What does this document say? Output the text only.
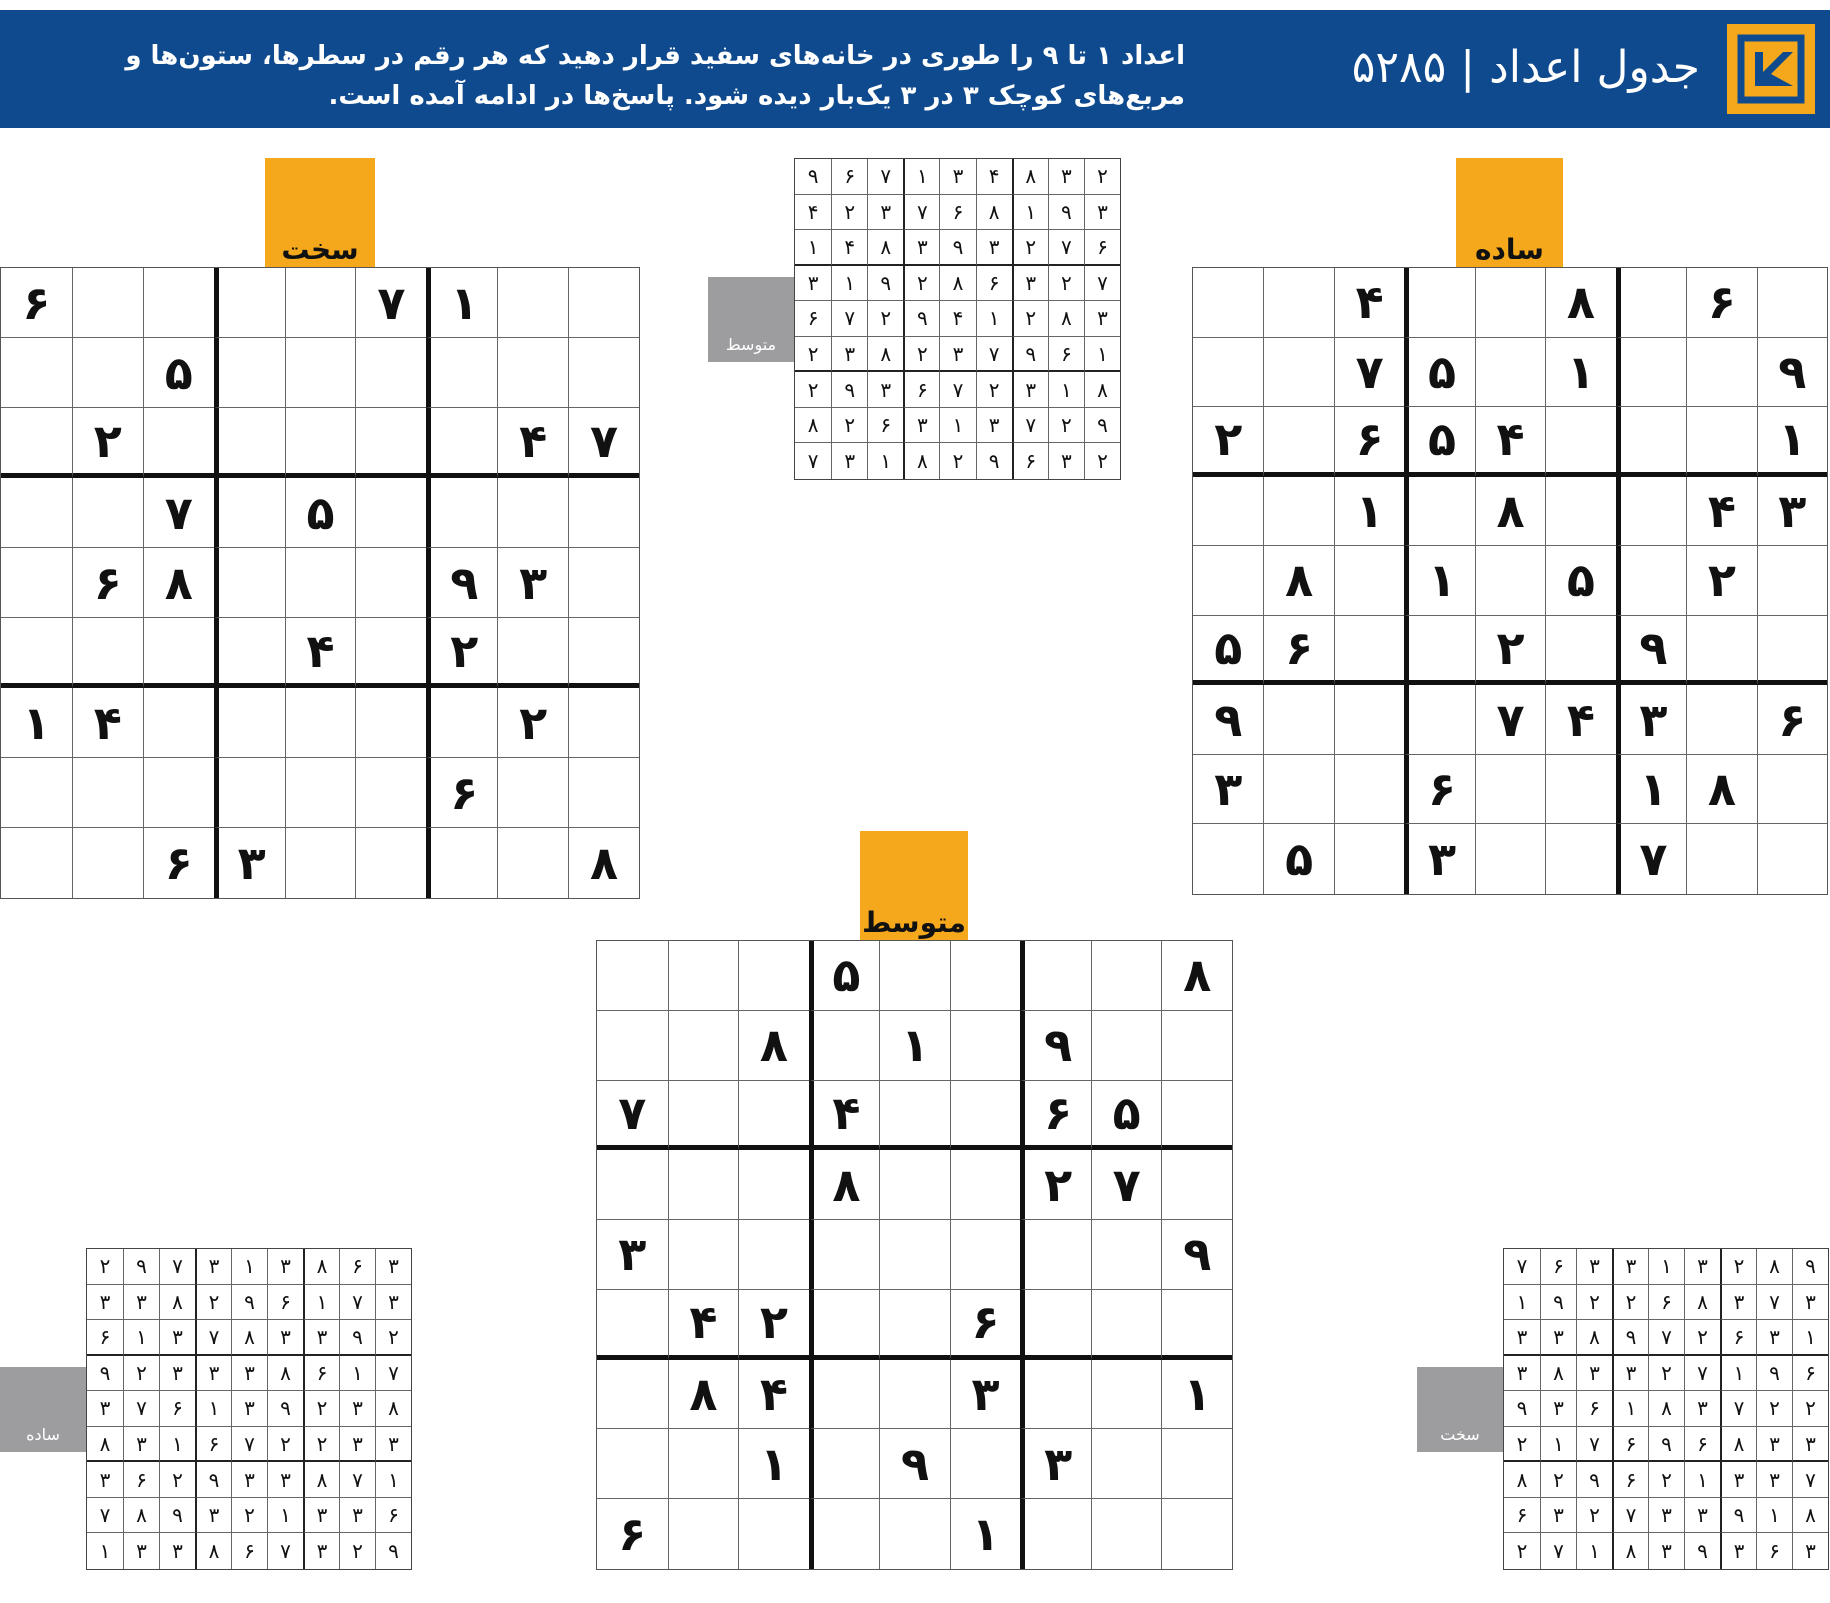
جدول اعداد | ۵۲۸۵
اعداد ۱ تا ۹ را طوری در خانه‌های سفید قرار دهید که هر رقم در سطرها، ستون‌ها و مربع‌های کوچک ۳ در ۳ یک‌بار دیده شود. پاسخ‌ها در ادامه آمده است.
ساده
۶
۸
۴
۹
۱
۵
۷
۱
۴
۵
۶
۲
۳
۴
۸
۱
۲
۵
۱
۸
۹
۲
۶
۵
۶
۳
۴
۷
۹
۸
۱
۶
۳
۷
۳
۵
سخت
۱
۷
۶
۵
۷
۴
۲
۵
۷
۳
۹
۸
۶
۲
۴
۲
۴
۱
۶
۸
۳
۶
متوسط
۸
۵
۹
۱
۸
۵
۶
۴
۷
۷
۲
۸
۹
۳
۶
۲
۴
۱
۳
۴
۸
۳
۹
۱
۱
۶
متوسط
۲
۳
۸
۴
۳
۱
۷
۶
۹
۳
۹
۱
۸
۶
۷
۳
۲
۴
۶
۷
۲
۳
۹
۳
۸
۴
۱
۷
۲
۳
۶
۸
۲
۹
۱
۳
۳
۸
۲
۱
۴
۹
۲
۷
۶
۱
۶
۹
۷
۳
۲
۸
۳
۲
۸
۱
۳
۲
۷
۶
۳
۹
۲
۹
۲
۷
۳
۱
۳
۶
۲
۸
۲
۳
۶
۹
۲
۸
۱
۳
۷
ساده
۳
۶
۸
۳
۱
۳
۷
۹
۲
۳
۷
۱
۶
۹
۲
۸
۳
۳
۲
۹
۳
۳
۸
۷
۳
۱
۶
۷
۱
۶
۸
۳
۳
۳
۲
۹
۸
۳
۲
۹
۳
۱
۶
۷
۳
۳
۳
۲
۲
۷
۶
۱
۳
۸
۱
۷
۸
۳
۳
۹
۲
۶
۳
۶
۳
۳
۱
۲
۳
۹
۸
۷
۹
۲
۳
۷
۶
۸
۳
۳
۱
سخت
۹
۸
۲
۳
۱
۳
۳
۶
۷
۳
۷
۳
۸
۶
۲
۲
۹
۱
۱
۳
۶
۲
۷
۹
۸
۳
۳
۶
۹
۱
۷
۲
۳
۳
۸
۳
۲
۲
۷
۳
۸
۱
۶
۳
۹
۳
۳
۸
۶
۹
۶
۷
۱
۲
۷
۳
۳
۱
۲
۶
۹
۲
۸
۸
۱
۹
۳
۳
۷
۲
۳
۶
۳
۶
۳
۹
۳
۸
۱
۷
۲
